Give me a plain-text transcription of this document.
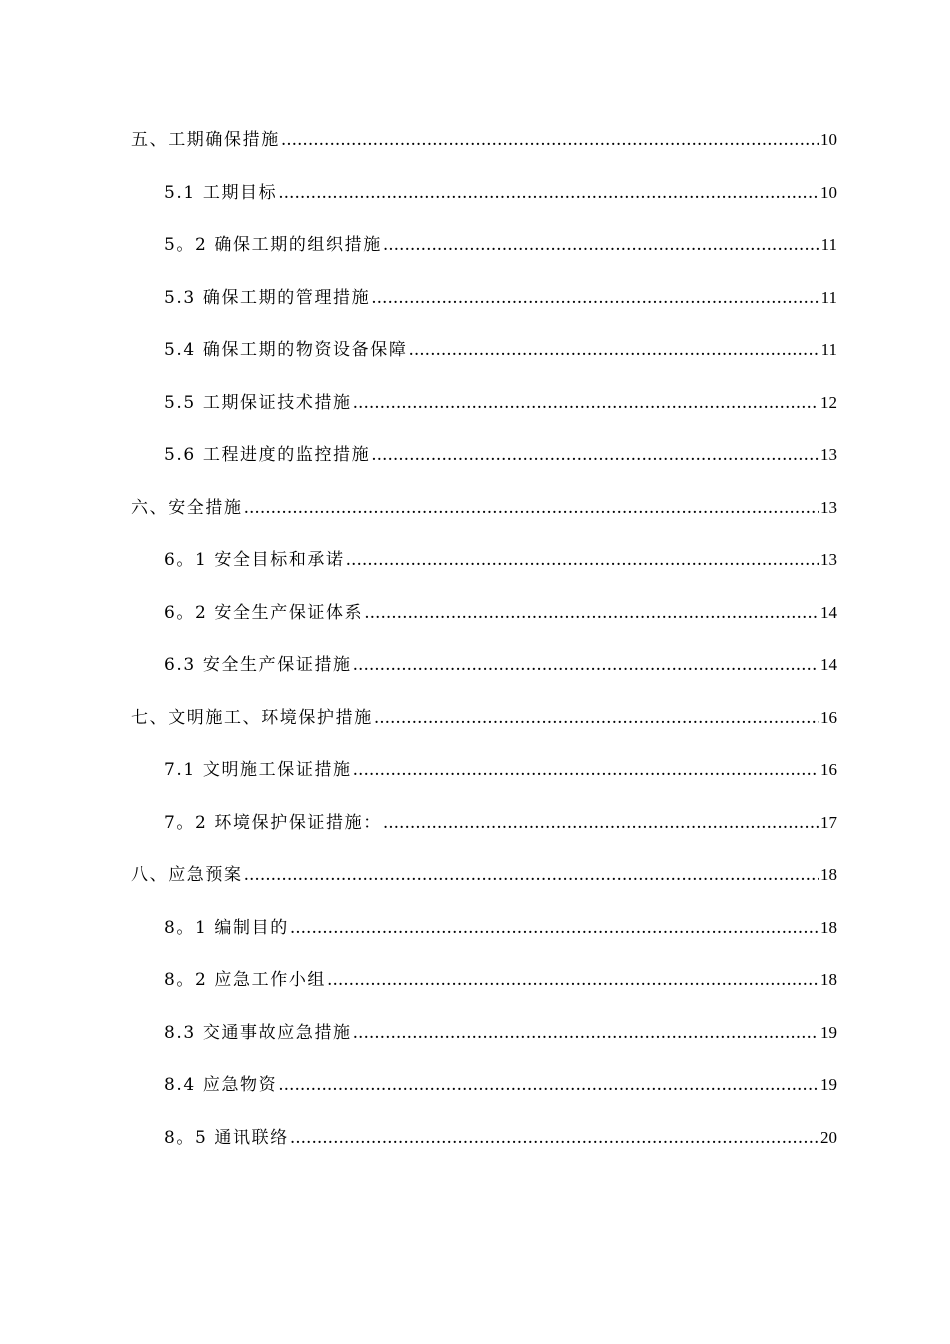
五、工期确保措施 .....	10
5.1 工期目标 .....	10
5。2 确保工期的组织措施 .....	11
5.3 确保工期的管理措施 .....	11
5.4 确保工期的物资设备保障 .....	11
5.5 工期保证技术措施 .....	12
5.6 工程进度的监控措施 .....	13
六、安全措施 .....	13
6。1 安全目标和承诺 .....	13
6。2 安全生产保证体系 .....	14
6.3 安全生产保证措施 .....	14
七、文明施工、环境保护措施 .....	16
7.1 文明施工保证措施 .....	16
7。2 环境保护保证措施： .....	17
八、应急预案 .....	18
8。1 编制目的 .....	18
8。2 应急工作小组 .....	18
8.3 交通事故应急措施 .....	19
8.4 应急物资 .....	19
8。5 通讯联络 .....	20
